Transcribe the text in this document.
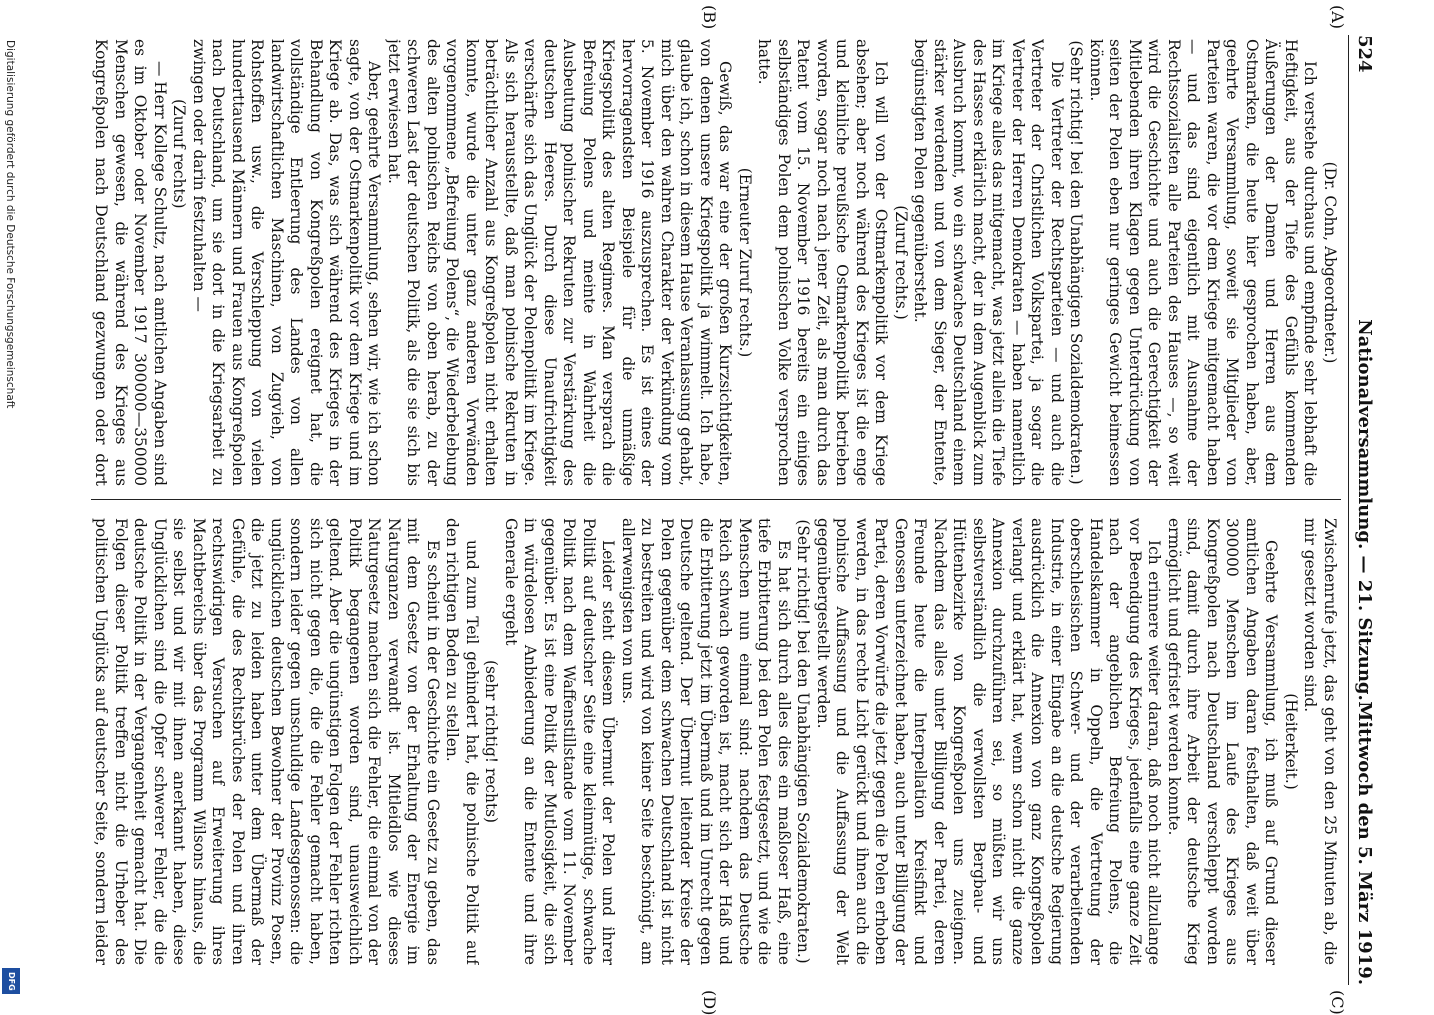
Digitalisierung gefördert durch die Deutsche Forschungsgemeinschaft
DFG
524
Nationalversammlung. — 21. Sitzung.
Mittwoch den 5. März 1919.
(A)
(B)
(C)
(D)

(Dr. Cohn, Abgeordneter.)

Ich verstehe durchaus und empfinde sehr lebhaft die Heftigkeit, aus der Tiefe des Gefühls kommenden Äußerungen der Damen und Herren aus dem Ostmarken, die heute hier gesprochen haben, aber, geehrte Versammlung, soweit sie Mitglieder von Parteien waren, die vor dem Kriege mitgemacht haben — und das sind eigentlich mit Ausnahme der Rechtssozialisten alle Parteien des Hauses —, so weit wird die Geschichte und auch die Gerechtigkeit der Mitlebenden ihren Klagen gegen Unterdrückung von seiten der Polen eben nur geringes Gewicht beimessen können.

(Sehr richtig! bei den Unabhängigen Sozialdemokraten.)

Die Vertreter der Rechtsparteien — und auch die Vertreter der Christlichen Volkspartei, ja sogar die Vertreter der Herren Demokraten — haben namentlich im Kriege alles das mitgemacht, was jetzt allein die Tiefe des Hasses erklärlich macht, der in dem Augenblick zum Ausbruch kommt, wo ein schwaches Deutschland einem stärker werdenden und von dem Sieger, der Entente, begünstigten Polen gegenübersteht.

(Zuruf rechts.)

Ich will von der Ostmarkenpolitik vor dem Kriege absehen; aber noch während des Krieges ist die enge und kleinliche preußische Ostmarkenpolitik betrieben worden, sogar noch nach jener Zeit, als man durch das Patent vom 15. November 1916 bereits ein einiges selbständiges Polen dem polnischen Volke versprochen hatte.

(Erneuter Zuruf rechts.)

Gewiß, das war eine der großen Kurzsichtigkeiten, von denen unsere Kriegspolitik ja wimmelt. Ich habe, glaube ich, schon in diesem Hause Veranlassung gehabt, mich über den wahren Charakter der Verkündung vom 5. November 1916 auszusprechen. Es ist eines der hervorragendsten Beispiele für die unmäßige Kriegspolitik des alten Regimes. Man versprach die Befreiung Polens und meinte in Wahrheit die Ausbeutung polnischer Rekruten zur Verstärkung des deutschen Heeres. Durch diese Unaufrichtigkeit verschärfte sich das Unglück der Polenpolitik im Kriege. Als sich herausstellte, daß man polnische Rekruten in beträchtlicher Anzahl aus Kongreßpolen nicht erhalten konnte, wurde die unter ganz anderen Vorwänden vorgenommene „Befreiung Polens“, die Wiederbelebung des alten polnischen Reichs von oben herab, zu der schweren Last der deutschen Politik, als die sie sich bis jetzt erwiesen hat.

Aber, geehrte Versammlung, sehen wir, wie ich schon sagte, von der Ostmarkenpolitik vor dem Kriege und im Kriege ab. Das, was sich während des Krieges in der Behandlung von Kongreßpolen ereignet hat, die vollständige Entleerung des Landes von allen landwirtschaftlichen Maschinen, von Zugvieh, von Rohstoffen usw., die Verschleppung von vielen hunderttausend Männern und Frauen aus Kongreßpolen nach Deutschland, um sie dort in die Kriegsarbeit zu zwingen oder darin festzuhalten —

(Zuruf rechts)

— Herr Kollege Schultz, nach amtlichen Angaben sind es im Oktober oder November 1917 300000—350000 Menschen gewesen, die während des Krieges aus Kongreßpolen nach Deutschland gezwungen oder dort

Zwischenrufe jetzt, das geht von den 25 Minuten ab, die mir gesetzt worden sind.

(Heiterkeit.)

Geehrte Versammlung, ich muß auf Grund dieser amtlichen Angaben daran festhalten, daß weit über 300000 Menschen im Laufe des Krieges aus Kongreßpolen nach Deutschland verschleppt worden sind, damit durch ihre Arbeit der deutsche Krieg ermöglicht und gefristet werden konnte.

Ich erinnere weiter daran, daß noch nicht allzulange vor Beendigung des Krieges, jedenfalls eine ganze Zeit nach der angeblichen Befreiung Polens, die Handelskammer in Oppeln, die Vertretung der oberschlesischen Schwer- und der verarbeitenden Industrie, in einer Eingabe an die deutsche Regierung ausdrücklich die Annexion von ganz Kongreßpolen verlangt und erklärt hat, wenn schon nicht die ganze Annexion durchzuführen sei, so müßten wir uns selbstverständlich die verwollsten Bergbau- und Hüttenbezirke von Kongreßpolen uns zueignen. Nachdem das alles unter Billigung der Partei, deren Freunde heute die Interpellation Kreisfinkt und Genossen unterzeichnet haben, auch unter Billigung der Partei, deren Vorwürfe die jetzt gegen die Polen erhoben werden, in das rechte Licht gerückt und ihnen auch die polnische Auffassung und die Auffassung der Welt gegenübergestellt werden.

(Sehr richtig! bei den Unabhängigen Sozialdemokraten.)

Es hat sich durch alles dies ein maßloser Haß, eine tiefe Erbitterung bei den Polen festgesetzt, und wie die Menschen nun einmal sind: nachdem das Deutsche Reich schwach geworden ist, macht sich der Haß und die Erbitterung jetzt im Übermaß und im Unrecht gegen Deutsche geltend. Der Übermut leitender Kreise der Polen gegenüber dem schwachen Deutschland ist nicht zu bestreiten und wird von keiner Seite beschönigt, am allerwenigsten von uns.

Leider steht diesem Übermut der Polen und ihrer Politik auf deutscher Seite eine kleinmütige, schwache Politik nach dem Waffenstillstande vom 11. November gegenüber. Es ist eine Politik der Mutlosigkeit, die sich in würdelosen Anbiederung an die Entente und ihre Generale ergeht

(sehr richtig! rechts)

und zum Teil gehindert hat, die polnische Politik auf den richtigen Boden zu stellen.

Es scheint in der Geschichte ein Gesetz zu geben, das mit dem Gesetz von der Erhaltung der Energie im Naturganzen verwandt ist. Mitleidlos wie dieses Naturgesetz machen sich die Fehler, die einmal von der Politik begangenen worden sind, unausweichlich geltend. Aber die ungünstigen Folgen der Fehler richten sich nicht gegen die, die die Fehler gemacht haben, sondern leider gegen unschuldige Landesgenossen: die unglücklichen deutschen Bewohner der Provinz Posen, die jetzt zu leiden haben unter dem Übermaß der Gefühle, die des Rechtsbrüches der Polen und ihren rechtswidrigen Versuchen auf Erweiterung ihres Machtbereichs über das Programm Wilsons hinaus, die sie selbst und wir mit ihnen anerkannt haben, diese Unglücklichen sind die Opfer schwerer Fehler, die die deutsche Politik in der Vergangenheit gemacht hat. Die Folgen dieser Politik treffen nicht die Urheber des politischen Unglücks auf deutscher Seite, sondern leider
